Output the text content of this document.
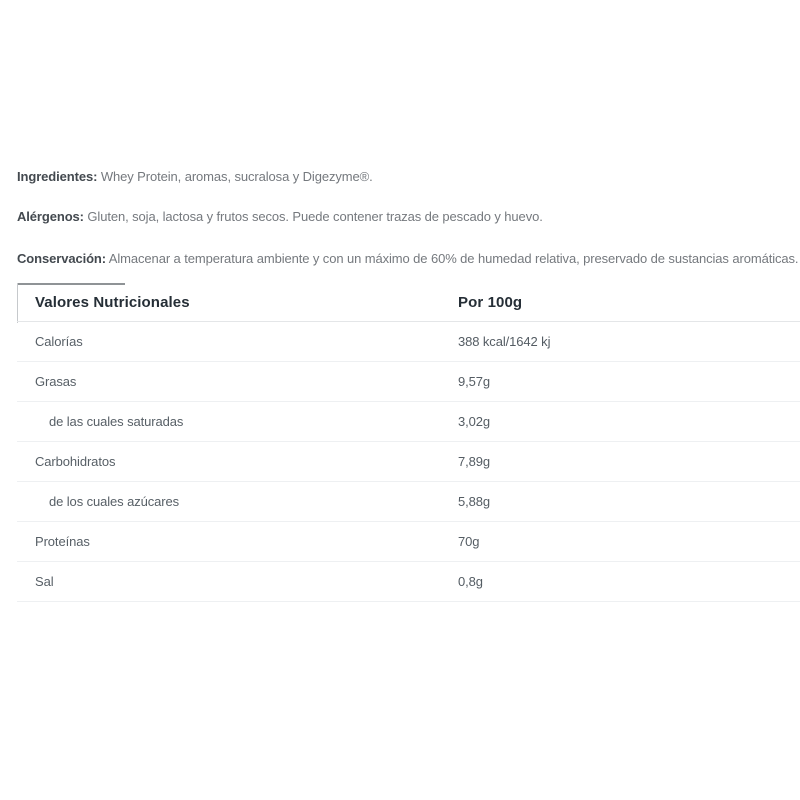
Ingredientes: Whey Protein, aromas, sucralosa y Digezyme®.

Alérgenos: Gluten, soja, lactosa y frutos secos. Puede contener trazas de pescado y huevo.

Conservación: Almacenar a temperatura ambiente y con un máximo de 60% de humedad relativa, preservado de sustancias aromáticas.

Valores Nutricionales	Por 100g
Calorías	388 kcal/1642 kj
Grasas	9,57g
de las cuales saturadas	3,02g
Carbohidratos	7,89g
de los cuales azúcares	5,88g
Proteínas	70g
Sal	0,8g
